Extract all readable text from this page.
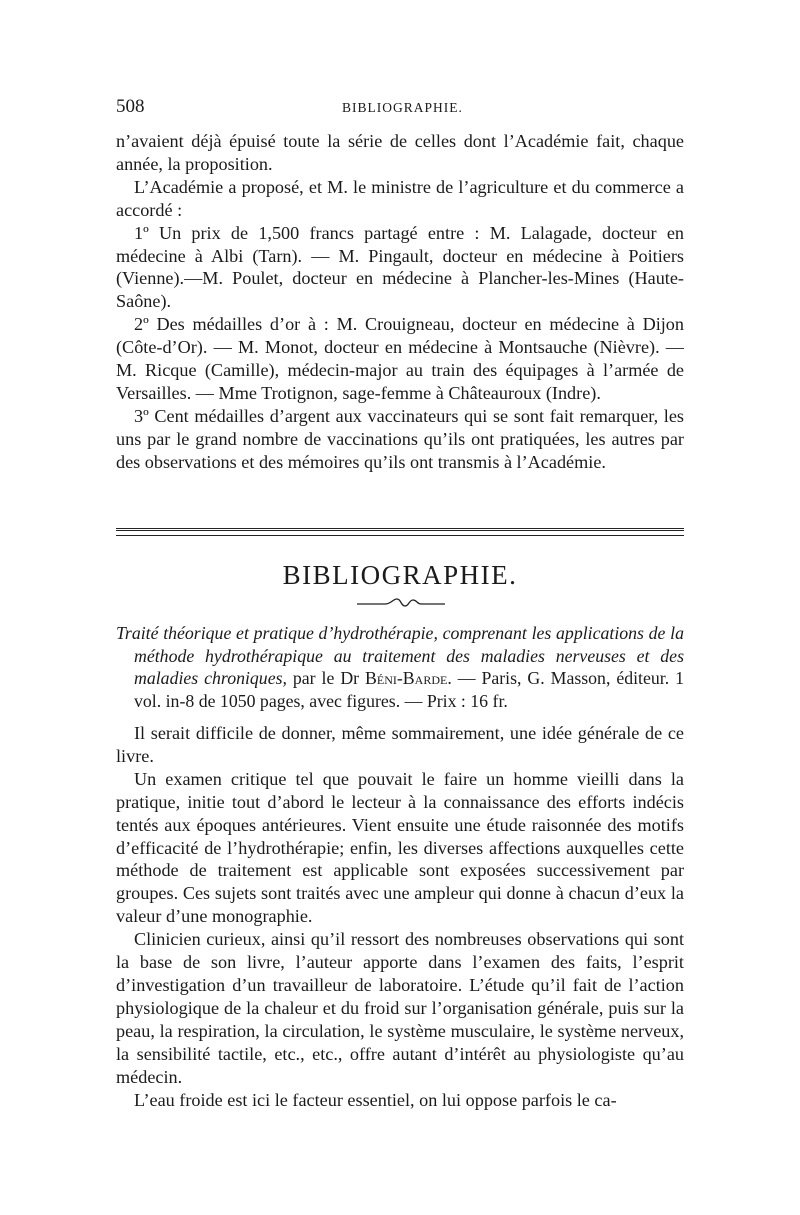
508	BIBLIOGRAPHIE.

n’avaient déjà épuisé toute la série de celles dont l’Académie fait, chaque année, la proposition.

L’Académie a proposé, et M. le ministre de l’agriculture et du commerce a accordé :

1º Un prix de 1,500 francs partagé entre : M. Lalagade, docteur en médecine à Albi (Tarn). — M. Pingault, docteur en médecine à Poitiers (Vienne).—M. Poulet, docteur en médecine à Plancher-les-Mines (Haute-Saône).

2º Des médailles d’or à : M. Crouigneau, docteur en médecine à Dijon (Côte-d’Or). — M. Monot, docteur en médecine à Montsauche (Nièvre). — M. Ricque (Camille), médecin-major au train des équipages à l’armée de Versailles. — Mme Trotignon, sage-femme à Châteauroux (Indre).

3º Cent médailles d’argent aux vaccinateurs qui se sont fait remarquer, les uns par le grand nombre de vaccinations qu’ils ont pratiquées, les autres par des observations et des mémoires qu’ils ont transmis à l’Académie.

BIBLIOGRAPHIE.

Traité théorique et pratique d’hydrothérapie, comprenant les applications de la méthode hydrothérapique au traitement des maladies nerveuses et des maladies chroniques, par le Dr Béni-Barde. — Paris, G. Masson, éditeur. 1 vol. in-8 de 1050 pages, avec figures. — Prix : 16 fr.

Il serait difficile de donner, même sommairement, une idée générale de ce livre.

Un examen critique tel que pouvait le faire un homme vieilli dans la pratique, initie tout d’abord le lecteur à la connaissance des efforts indécis tentés aux époques antérieures. Vient ensuite une étude raisonnée des motifs d’efficacité de l’hydrothérapie; enfin, les diverses affections auxquelles cette méthode de traitement est applicable sont exposées successivement par groupes. Ces sujets sont traités avec une ampleur qui donne à chacun d’eux la valeur d’une monographie.

Clinicien curieux, ainsi qu’il ressort des nombreuses observations qui sont la base de son livre, l’auteur apporte dans l’examen des faits, l’esprit d’investigation d’un travailleur de laboratoire. L’étude qu’il fait de l’action physiologique de la chaleur et du froid sur l’organisation générale, puis sur la peau, la respiration, la circulation, le système musculaire, le système nerveux, la sensibilité tactile, etc., etc., offre autant d’intérêt au physiologiste qu’au médecin.

L’eau froide est ici le facteur essentiel, on lui oppose parfois le ca-
